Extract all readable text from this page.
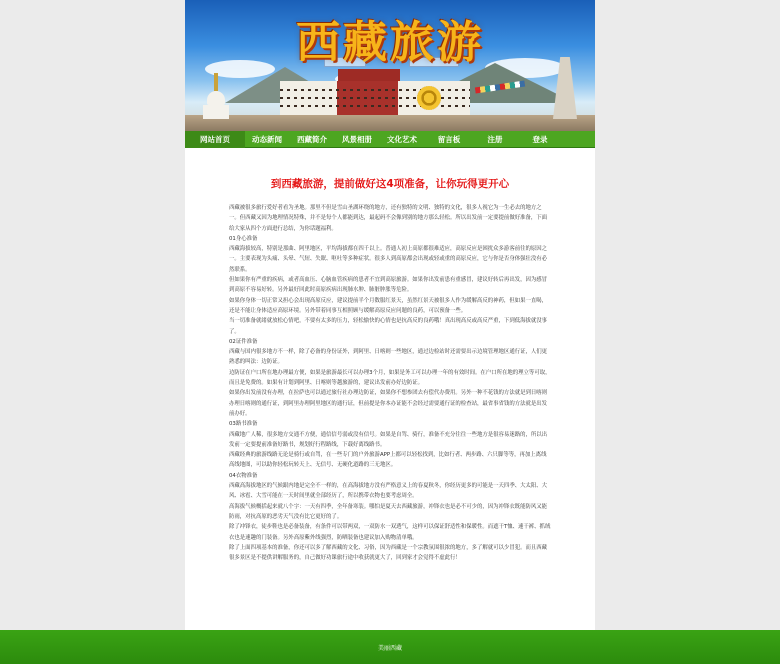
西藏旅游
网站首页	动态新闻	西藏简介	风景相册	文化艺术	留言板	注册	登录
到西藏旅游，提前做好这4项准备，让你玩得更开心

西藏被很多旅行爱好者看为圣地。那里不但是雪山圣湖环绕的地方，还有独特的文明、独特的文化，很多人视它为一生必去的地方之一。但西藏又因为地理情况特殊，并不是每个人都能到达，最起码不会像到别的地方那么轻松。所以出发前一定要提前做好准备，下面给大家从四个方面进行总结，为你话题福利。

01身心准备

西藏海拔较高，特别是那曲、阿里地区，平均海拔都在四千以上。普通人初上高原都很难适应，高原反应是困扰众多游客前往的原因之一。主要表现为头痛、头晕、气短、失眠、呕吐等多种症状。很多人到高原都会出现或轻或重的高原反应，它与你是否身体强壮没有必然联系。

但如果你有严重的疾病，或者高血压、心脑血管疾病的患者不宜到高原旅游。如果你出发前患有重感冒，建议好转后再出发，因为感冒到高原不容易好转。另外最好回此时高原疾病出现肺水肿、肺脏肿胀等危险。

如果你身体一切正常又担心会出现高原反应，建议提前半个月数服红景天，虽然红景天被很多人作为缓解高反的神药，但如果一直喝，还是不能让身体适应高原环境。另外带着同事互相照顾与缓解高原反应问题的良药，可以预备一些。

当一切准备就绪就放松心情吧，不要有太多的压力，轻松愉快的心情也是抗高反的良药哦！真出现高反或高反严重，下到低海拔就没事了。

02证件准备

西藏与国内很多地方不一样，除了必备的身份证外，到阿里、日喀则一些地区，通过边检站时还需要出示边境管理地区通行证，人们更熟悉的叫法：边防证。

边防证在户口所在地办理最方便，如果是旅游最长可以办理3个月，如果是务工可以办理一年的有效时间。在户口所在地的理立等可取，而且是免费的。如果有计划到阿里、日喀则等越旅游的，建议出发前办好边防证。

如果你出发前没有办理，在拉萨也可以通过旅行社办理边防证，如果你不想参团去有偿代办费用。另外一种不花钱的方法就是到日喀则办理日喀则的通行证，到阿里办理阿里地区的通行证，但前提是你本办证能不会经过需要通行证的检查站，最省事省钱的方法就是出发前办好。

03路书准备

西藏地广人稀，很多地方交通不方便，通信信号弱或没有信号。如果是自驾、骑行，准备不充分往往一些地方是很容易迷路的，所以出发前一定要提前准备好路书，规划好行程路线，下载好离线路书。

西藏经典的旅游线路无论是骑行或自驾，在一些专门的户外旅游APP上都可以轻松找到，比如行者、两步路、六只脚等等，再加上离线高线地图，可以助你轻松玩转天上、无信号、无硬化道路的三无地区。

04衣物准备

西藏高海拔地区的气候跟内地是完全不一样的，在高海拔地方没有严格意义上的春夏秋冬，你经历更多的可能是一天四季、大太阳、大风、冰雹、大雪可能在一天时间里就全部经历了，所以携带衣物也要考虑周全。

高海拔气候概括起来就八个字：一天有四季，全年备寒装。哪怕是夏天去西藏旅游，冲锋衣也是必不可少的，因为冲锋衣既能防风又能防雨，对抗高原的恶劣天气没有比它更好的了。

除了冲锋衣，徒步鞋也是必备装备，有条件可以带两双，一双防水一双透气，这样可以保证舒适性和保暖性。而遮干T恤、速干裤、抓绒衣也是速趣的门装备。另外高原紫外线强烈，防晒装备也建议加入购物清单哦。

除了上面四项基本的准备，你还可以多了解西藏的文化、习俗，因为西藏是一个宗教氛围很浓的地方，多了解就可以少冒犯。而且西藏很多景区是不提供讲解服务的，自己做好功课旅行途中收获就更大了，回到家才会觉得不虚此行！

美丽西藏
